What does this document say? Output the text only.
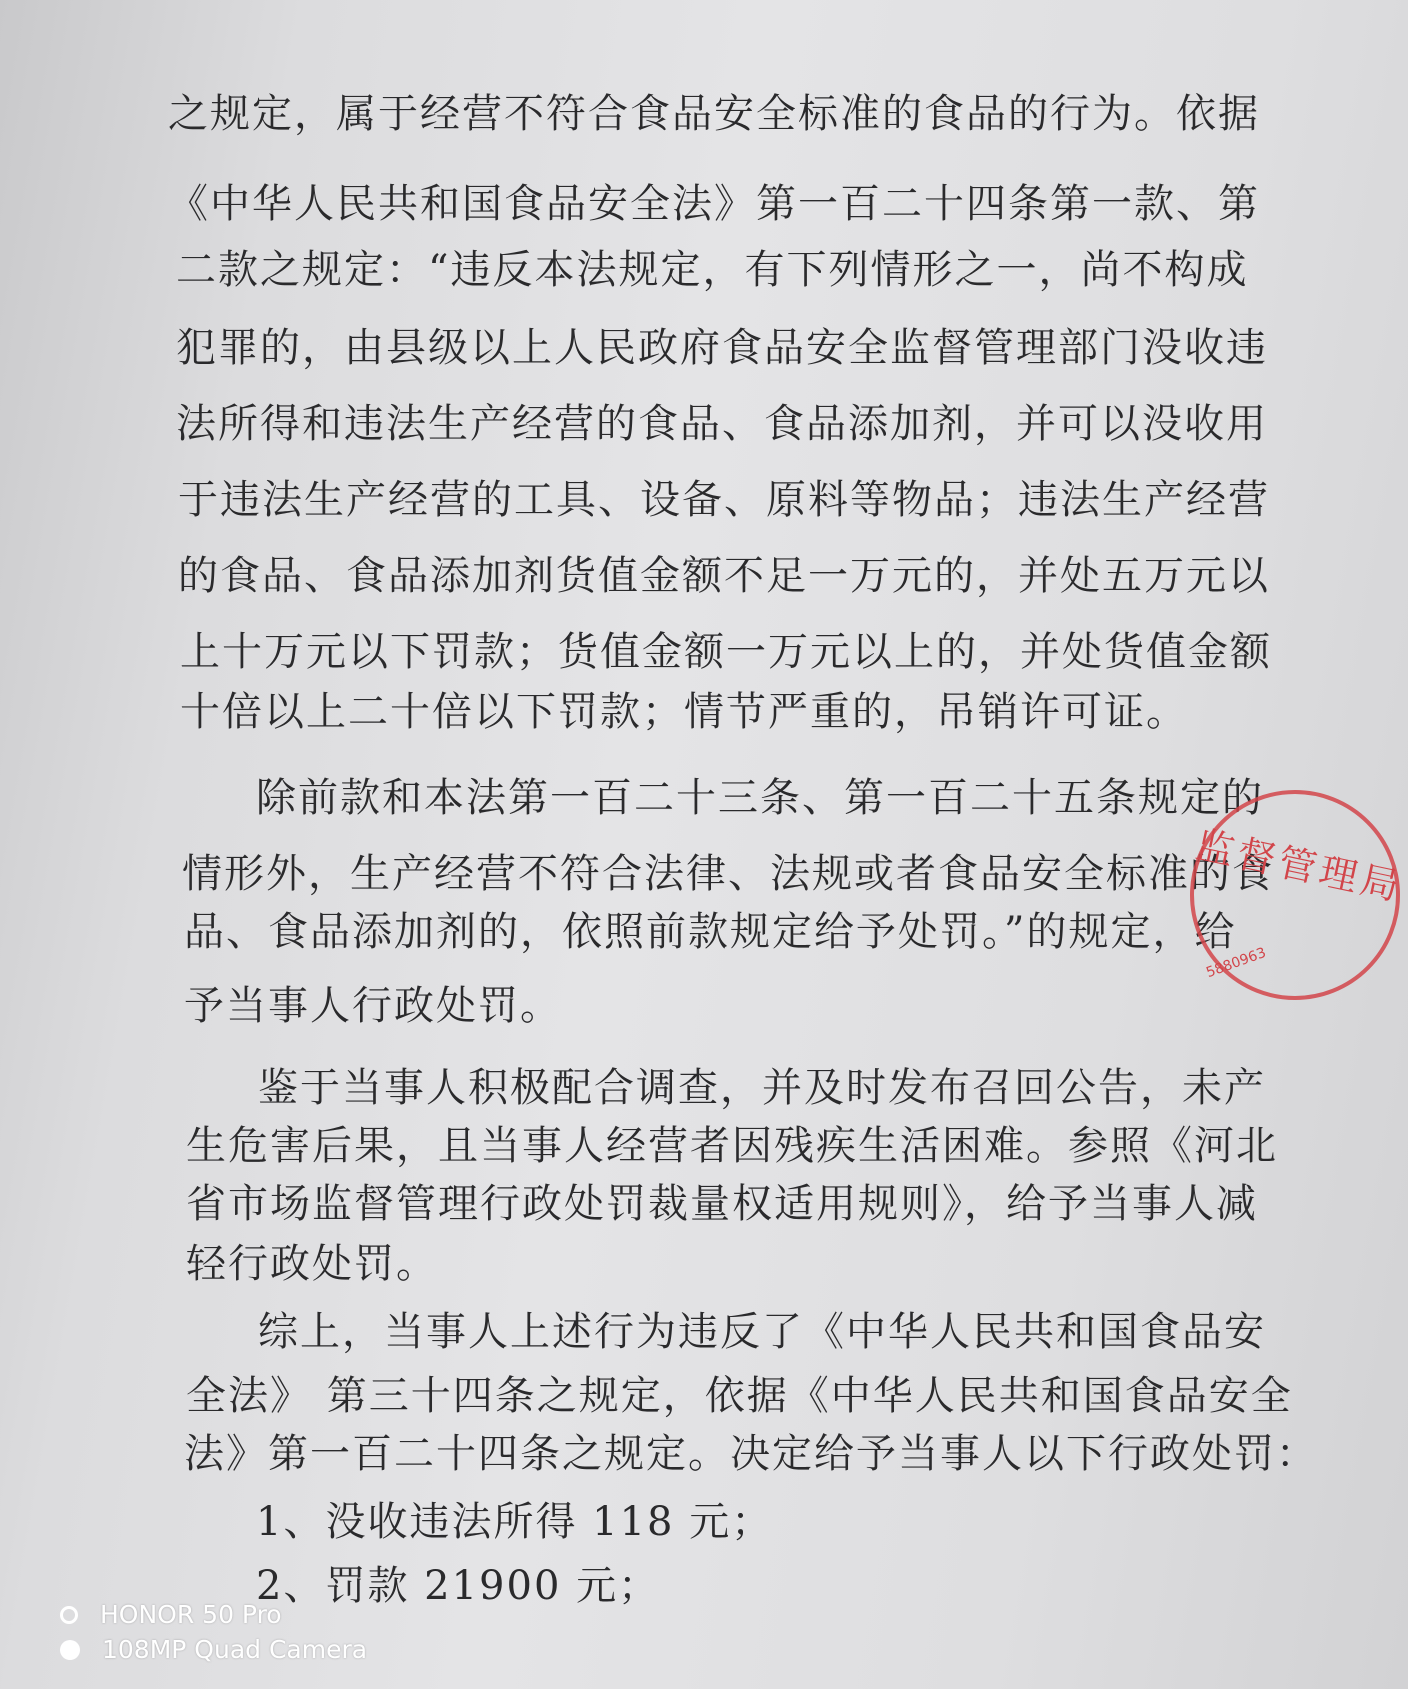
之规定，属于经营不符合食品安全标准的食品的行为。依据
《中华人民共和国食品安全法》第一百二十四条第一款、第
二款之规定：“违反本法规定，有下列情形之一，尚不构成
犯罪的，由县级以上人民政府食品安全监督管理部门没收违
法所得和违法生产经营的食品、食品添加剂，并可以没收用
于违法生产经营的工具、设备、原料等物品；违法生产经营
的食品、食品添加剂货值金额不足一万元的，并处五万元以
上十万元以下罚款；货值金额一万元以上的，并处货值金额
十倍以上二十倍以下罚款；情节严重的，吊销许可证。
除前款和本法第一百二十三条、第一百二十五条规定的
情形外，生产经营不符合法律、法规或者食品安全标准的食
品、食品添加剂的，依照前款规定给予处罚。”的规定，给
予当事人行政处罚。
鉴于当事人积极配合调查，并及时发布召回公告，未产
生危害后果，且当事人经营者因残疾生活困难。参照《河北
省市场监督管理行政处罚裁量权适用规则》，给予当事人减
轻行政处罚。
综上，当事人上述行为违反了《中华人民共和国食品安
全法》 第三十四条之规定，依据《中华人民共和国食品安全
法》第一百二十四条之规定。决定给予当事人以下行政处罚：
1、没收违法所得 118 元；
2、罚款 21900 元；
监督管理局
5880963
HONOR 50 Pro
108MP Quad Camera
